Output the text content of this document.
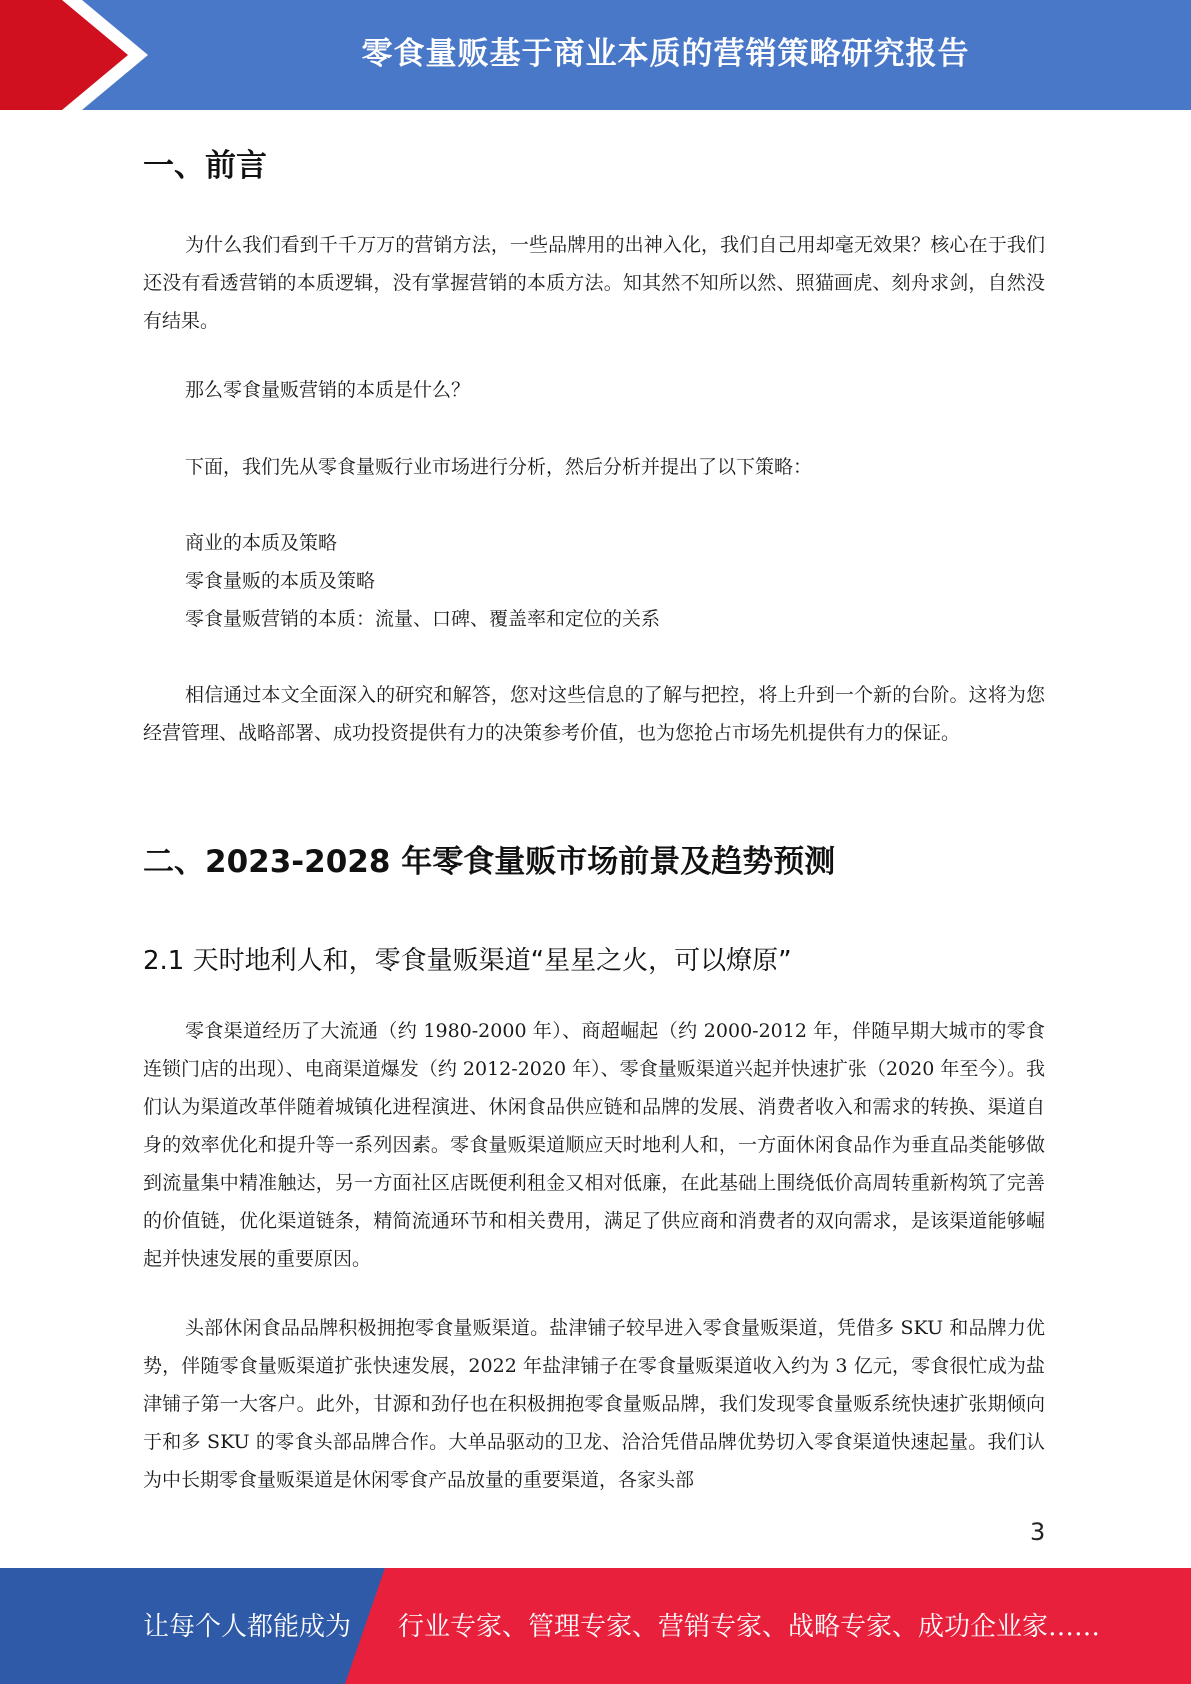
零食量贩基于商业本质的营销策略研究报告
一、前言

为什么我们看到千千万万的营销方法，一些品牌用的出神入化，我们自己用却毫无效果？核心在于我们还没有看透营销的本质逻辑，没有掌握营销的本质方法。知其然不知所以然、照猫画虎、刻舟求剑，自然没有结果。

那么零食量贩营销的本质是什么？

下面，我们先从零食量贩行业市场进行分析，然后分析并提出了以下策略：

商业的本质及策略
零食量贩的本质及策略
零食量贩营销的本质：流量、口碑、覆盖率和定位的关系

相信通过本文全面深入的研究和解答，您对这些信息的了解与把控，将上升到一个新的台阶。这将为您经营管理、战略部署、成功投资提供有力的决策参考价值，也为您抢占市场先机提供有力的保证。

二、2023-2028 年零食量贩市场前景及趋势预测
2.1 天时地利人和，零食量贩渠道“星星之火，可以燎原”

零食渠道经历了大流通（约 1980-2000 年）、商超崛起（约 2000-2012 年，伴随早期大城市的零食连锁门店的出现）、电商渠道爆发（约 2012-2020 年）、零食量贩渠道兴起并快速扩张（2020 年至今）。我们认为渠道改革伴随着城镇化进程演进、休闲食品供应链和品牌的发展、消费者收入和需求的转换、渠道自身的效率优化和提升等一系列因素。零食量贩渠道顺应天时地利人和，一方面休闲食品作为垂直品类能够做到流量集中精准触达，另一方面社区店既便利租金又相对低廉，在此基础上围绕低价高周转重新构筑了完善的价值链，优化渠道链条，精简流通环节和相关费用，满足了供应商和消费者的双向需求，是该渠道能够崛起并快速发展的重要原因。

头部休闲食品品牌积极拥抱零食量贩渠道。盐津铺子较早进入零食量贩渠道，凭借多 SKU 和品牌力优势，伴随零食量贩渠道扩张快速发展，2022 年盐津铺子在零食量贩渠道收入约为 3 亿元，零食很忙成为盐津铺子第一大客户。此外，甘源和劲仔也在积极拥抱零食量贩品牌，我们发现零食量贩系统快速扩张期倾向于和多 SKU 的零食头部品牌合作。大单品驱动的卫龙、洽洽凭借品牌优势切入零食渠道快速起量。我们认为中长期零食量贩渠道是休闲零食产品放量的重要渠道，各家头部

3
让每个人都能成为 行业专家、管理专家、营销专家、战略专家、成功企业家……
